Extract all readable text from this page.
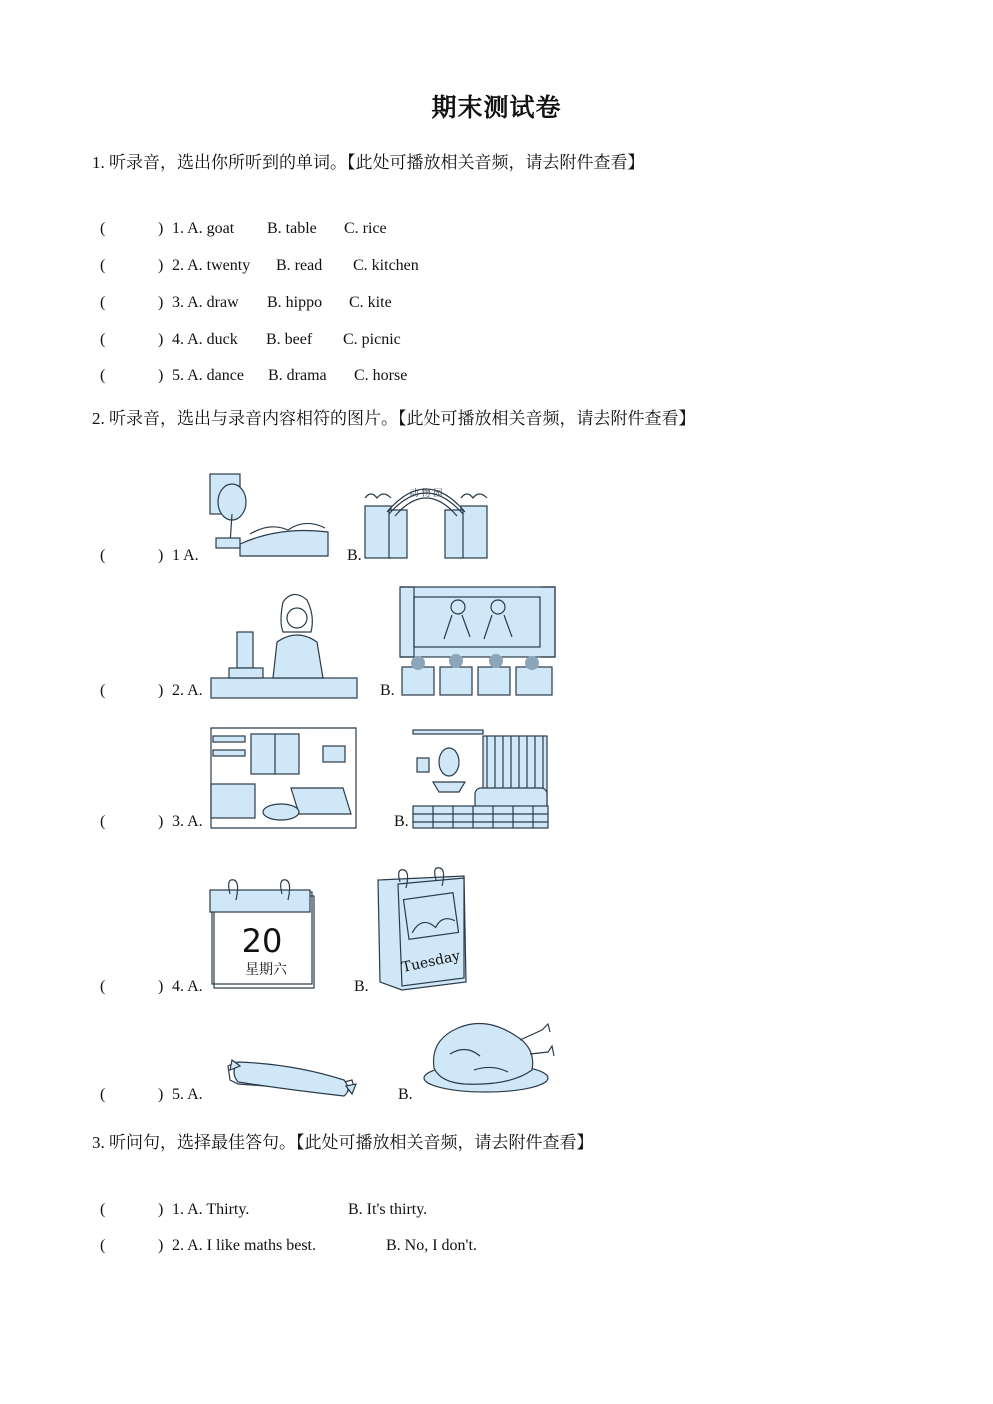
期末测试卷
1. 听录音，选出你所听到的单词。【此处可播放相关音频，请去附件查看】
(	) 1. A. goat B. table C. rice
(	) 2. A. twenty B. read C. kitchen
(	) 3. A. draw B. hippo C. kite
(	) 4. A. duck B. beef C. picnic
(	) 5. A. dance B. drama C. horse
2. 听录音，选出与录音内容相符的图片。【此处可播放相关音频，请去附件查看】
(	) 1 A.	B.
动 物 园
(	) 2. A.	B.
(	) 3. A.	B.
(	) 4. A.	B.
20
星期六	Tuesday
(	) 5. A.	B.
3. 听问句，选择最佳答句。【此处可播放相关音频，请去附件查看】
(	) 1. A. Thirty.	B. It's thirty.
(	) 2. A. I like maths best.	B. No, I don't.
